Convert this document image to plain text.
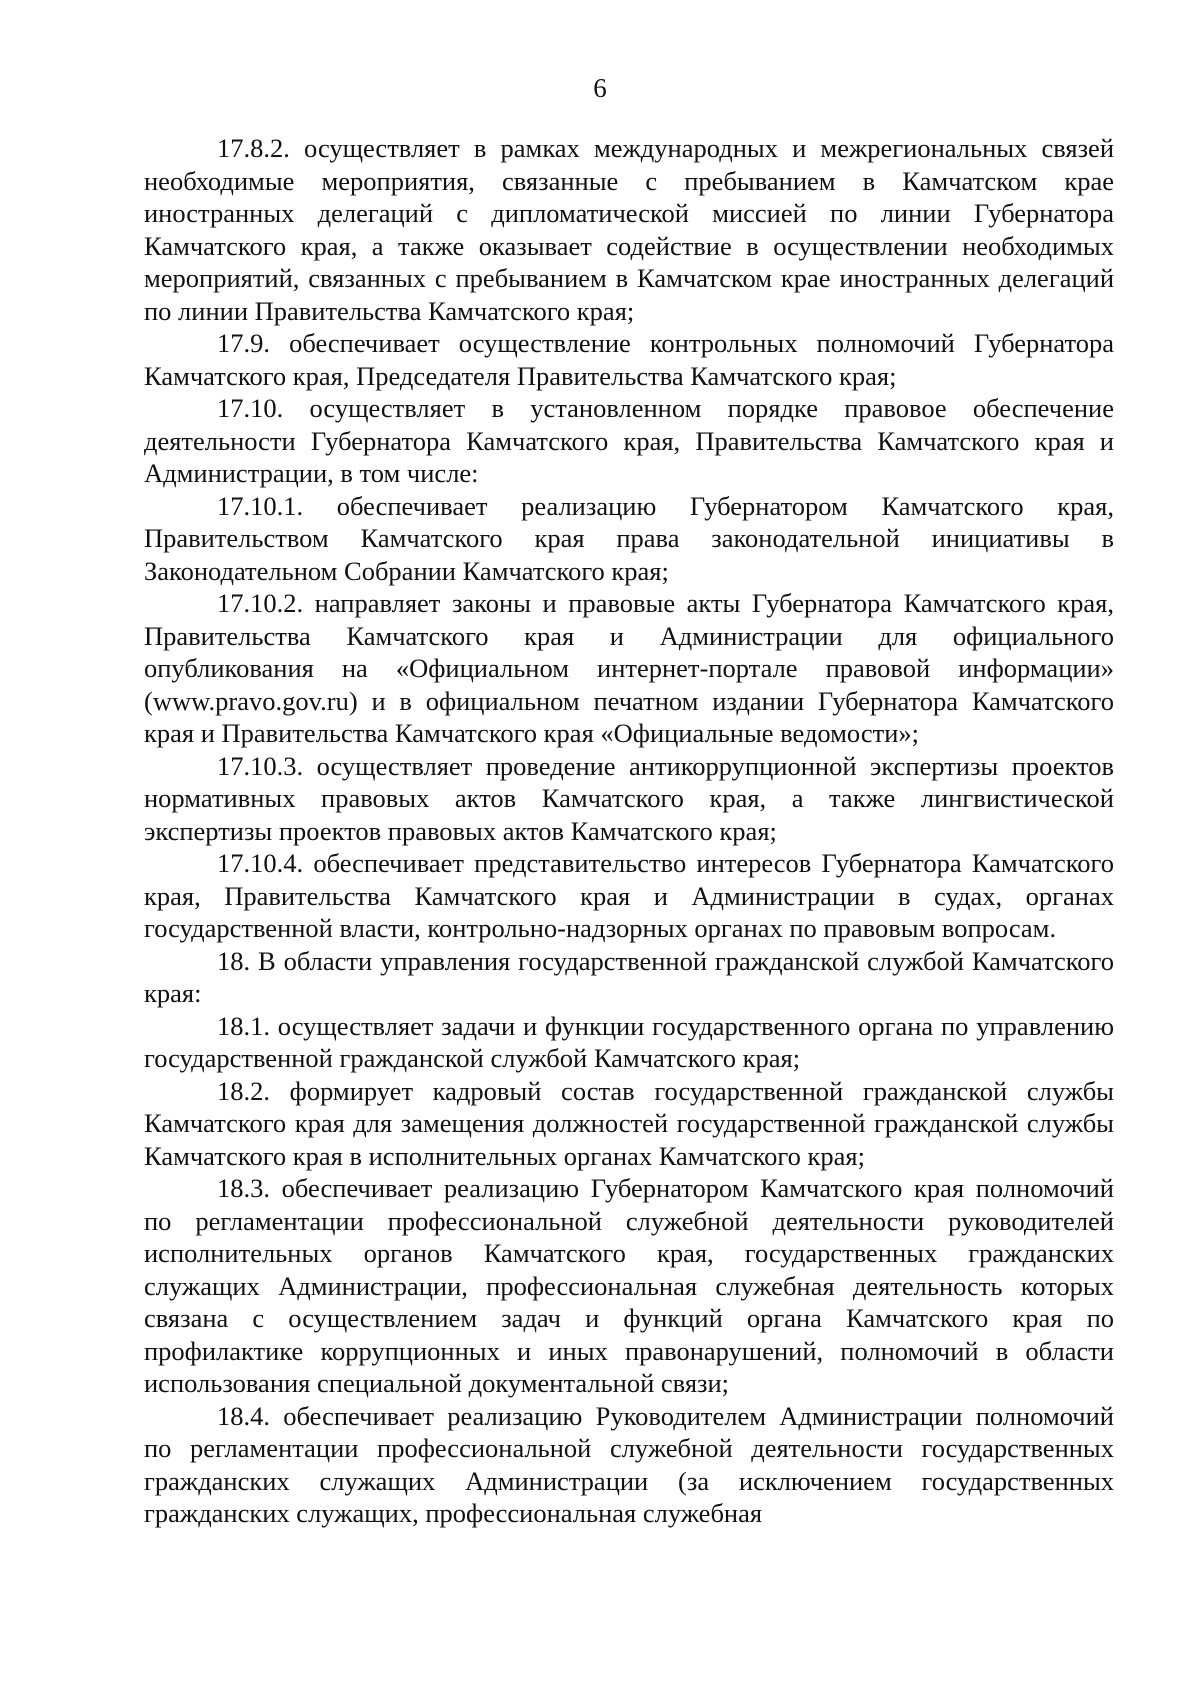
6

17.8.2. осуществляет в рамках международных и межрегиональных связей необходимые мероприятия, связанные с пребыванием в Камчатском крае иностранных делегаций с дипломатической миссией по линии Губернатора Камчатского края, а также оказывает содействие в осуществлении необходимых мероприятий, связанных с пребыванием в Камчатском крае иностранных делегаций по линии Правительства Камчатского края;

17.9. обеспечивает осуществление контрольных полномочий Губернатора Камчатского края, Председателя Правительства Камчатского края;

17.10. осуществляет в установленном порядке правовое обеспечение деятельности Губернатора Камчатского края, Правительства Камчатского края и Администрации, в том числе:

17.10.1. обеспечивает реализацию Губернатором Камчатского края, Правительством Камчатского края права законодательной инициативы в Законодательном Собрании Камчатского края;

17.10.2. направляет законы и правовые акты Губернатора Камчатского края, Правительства Камчатского края и Администрации для официального опубликования на «Официальном интернет-портале правовой информации» (www.pravo.gov.ru) и в официальном печатном издании Губернатора Камчатского края и Правительства Камчатского края «Официальные ведомости»;

17.10.3. осуществляет проведение антикоррупционной экспертизы проектов нормативных правовых актов Камчатского края, а также лингвистической экспертизы проектов правовых актов Камчатского края;

17.10.4. обеспечивает представительство интересов Губернатора Камчатского края, Правительства Камчатского края и Администрации в судах, органах государственной власти, контрольно-надзорных органах по правовым вопросам.

18. В области управления государственной гражданской службой Камчатского края:

18.1. осуществляет задачи и функции государственного органа по управлению государственной гражданской службой Камчатского края;

18.2. формирует кадровый состав государственной гражданской службы Камчатского края для замещения должностей государственной гражданской службы Камчатского края в исполнительных органах Камчатского края;

18.3. обеспечивает реализацию Губернатором Камчатского края полномочий по регламентации профессиональной служебной деятельности руководителей исполнительных органов Камчатского края, государственных гражданских служащих Администрации, профессиональная служебная деятельность которых связана с осуществлением задач и функций органа Камчатского края по профилактике коррупционных и иных правонарушений, полномочий в области использования специальной документальной связи;

18.4. обеспечивает реализацию Руководителем Администрации полномочий по регламентации профессиональной служебной деятельности государственных гражданских служащих Администрации (за исключением государственных гражданских служащих, профессиональная служебная
